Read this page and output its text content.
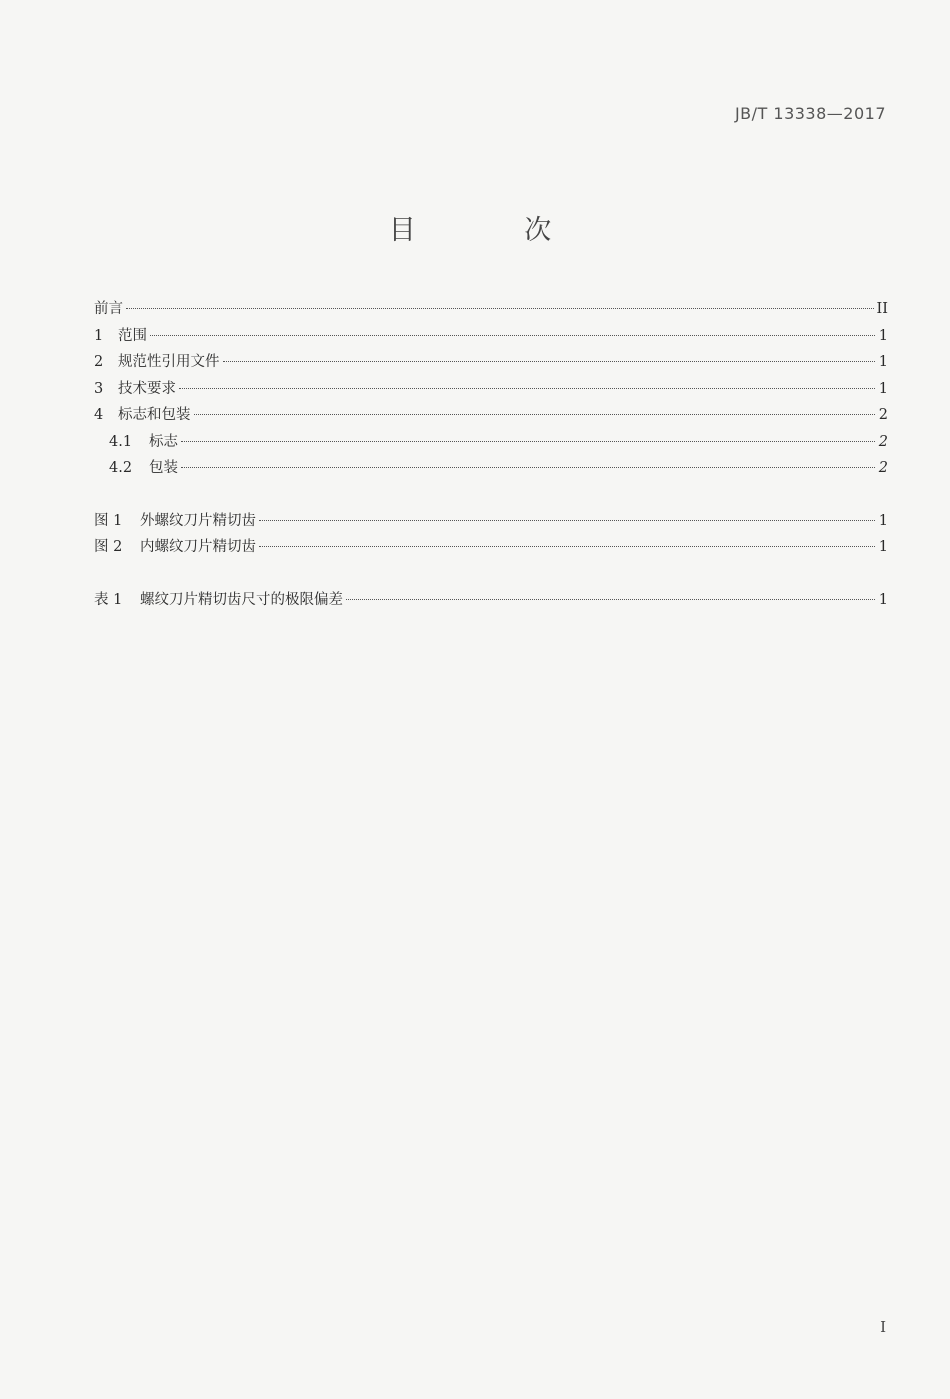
JB/T 13338—2017
目 次
前言	II
1	范围	1
2	规范性引用文件	1
3	技术要求	1
4	标志和包装	2
4.1	标志	2
4.2	包装	2
图 1	外螺纹刀片精切齿	1
图 2	内螺纹刀片精切齿	1
表 1	螺纹刀片精切齿尺寸的极限偏差	1
I
